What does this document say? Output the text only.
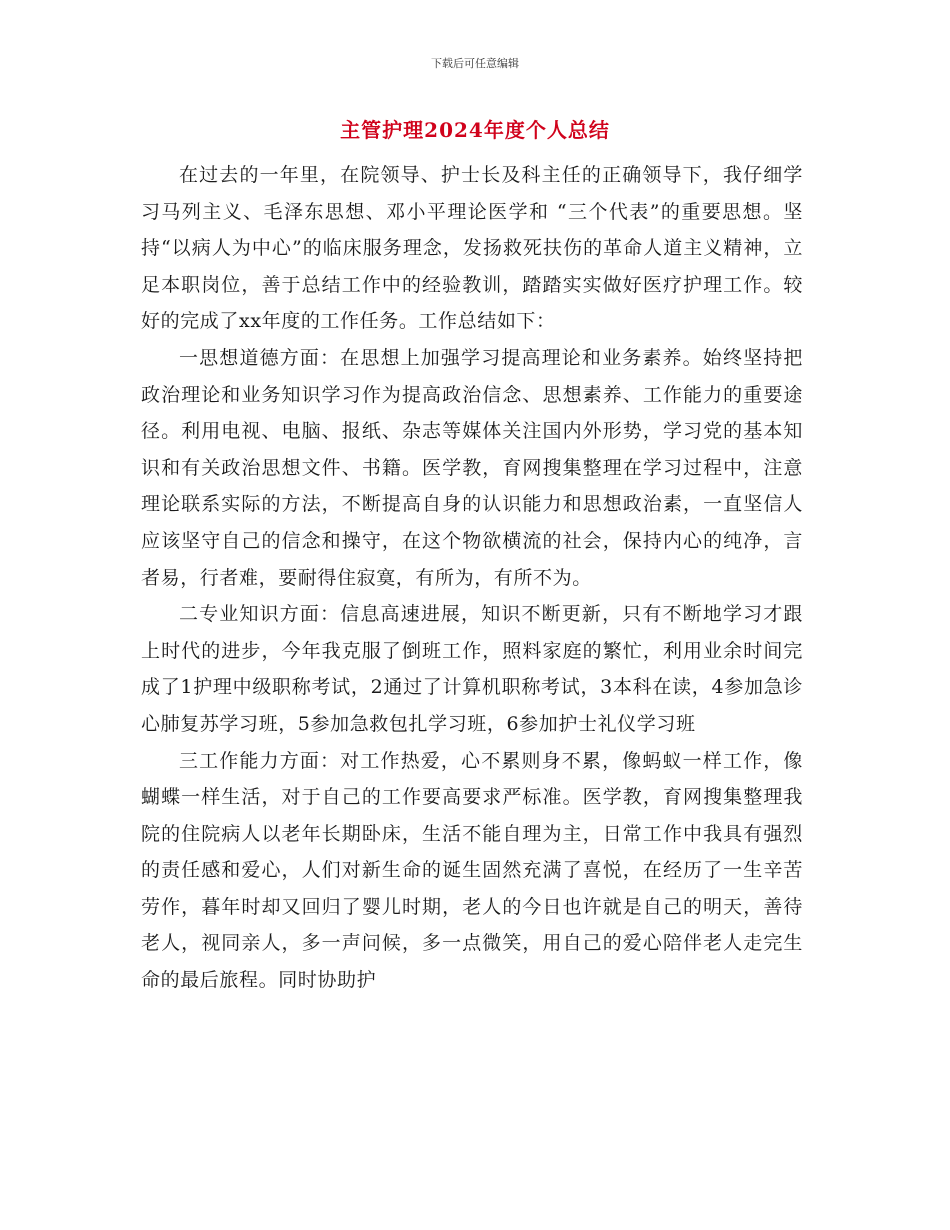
下载后可任意编辑
主管护理2024年度个人总结

在过去的一年里，在院领导、护士长及科主任的正确领导下，我仔细学习马列主义、毛泽东思想、邓小平理论医学和 “三个代表”的重要思想。坚持“以病人为中心”的临床服务理念，发扬救死扶伤的革命人道主义精神，立足本职岗位，善于总结工作中的经验教训，踏踏实实做好医疗护理工作。较好的完成了xx年度的工作任务。工作总结如下：

一思想道德方面：在思想上加强学习提高理论和业务素养。始终坚持把政治理论和业务知识学习作为提高政治信念、思想素养、工作能力的重要途径。利用电视、电脑、报纸、杂志等媒体关注国内外形势，学习党的基本知识和有关政治思想文件、书籍。医学教，育网搜集整理在学习过程中，注意理论联系实际的方法，不断提高自身的认识能力和思想政治素，一直坚信人应该坚守自己的信念和操守，在这个物欲横流的社会，保持内心的纯净，言者易，行者难，要耐得住寂寞，有所为，有所不为。

二专业知识方面：信息高速进展，知识不断更新，只有不断地学习才跟上时代的进步，今年我克服了倒班工作，照料家庭的繁忙，利用业余时间完成了1护理中级职称考试，2通过了计算机职称考试，3本科在读，4参加急诊心肺复苏学习班，5参加急救包扎学习班，6参加护士礼仪学习班

三工作能力方面：对工作热爱，心不累则身不累，像蚂蚁一样工作，像蝴蝶一样生活，对于自己的工作要高要求严标准。医学教，育网搜集整理我院的住院病人以老年长期卧床，生活不能自理为主，日常工作中我具有强烈的责任感和爱心，人们对新生命的诞生固然充满了喜悦，在经历了一生辛苦劳作，暮年时却又回归了婴儿时期，老人的今日也许就是自己的明天，善待老人，视同亲人，多一声问候，多一点微笑，用自己的爱心陪伴老人走完生命的最后旅程。同时协助护
